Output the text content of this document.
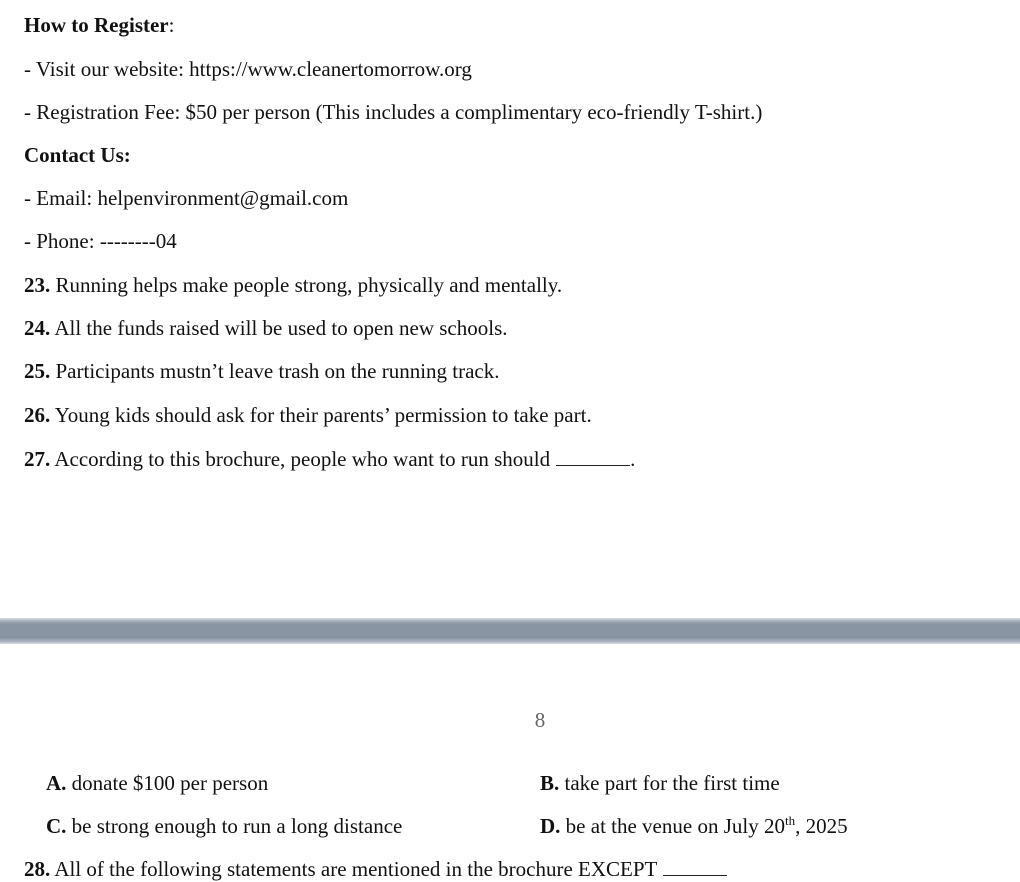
How to Register:
- Visit our website: https://www.cleanertomorrow.org
- Registration Fee: $50 per person (This includes a complimentary eco-friendly T-shirt.)
Contact Us:
- Email: helpenvironment@gmail.com
- Phone: --------04
23. Running helps make people strong, physically and mentally.
24. All the funds raised will be used to open new schools.
25. Participants mustn’t leave trash on the running track.
26. Young kids should ask for their parents’ permission to take part.
27. According to this brochure, people who want to run should	.
8
A. donate $100 per person	B. take part for the first time
C. be strong enough to run a long distance	D. be at the venue on July 20th, 2025
28. All of the following statements are mentioned in the brochure EXCEPT
